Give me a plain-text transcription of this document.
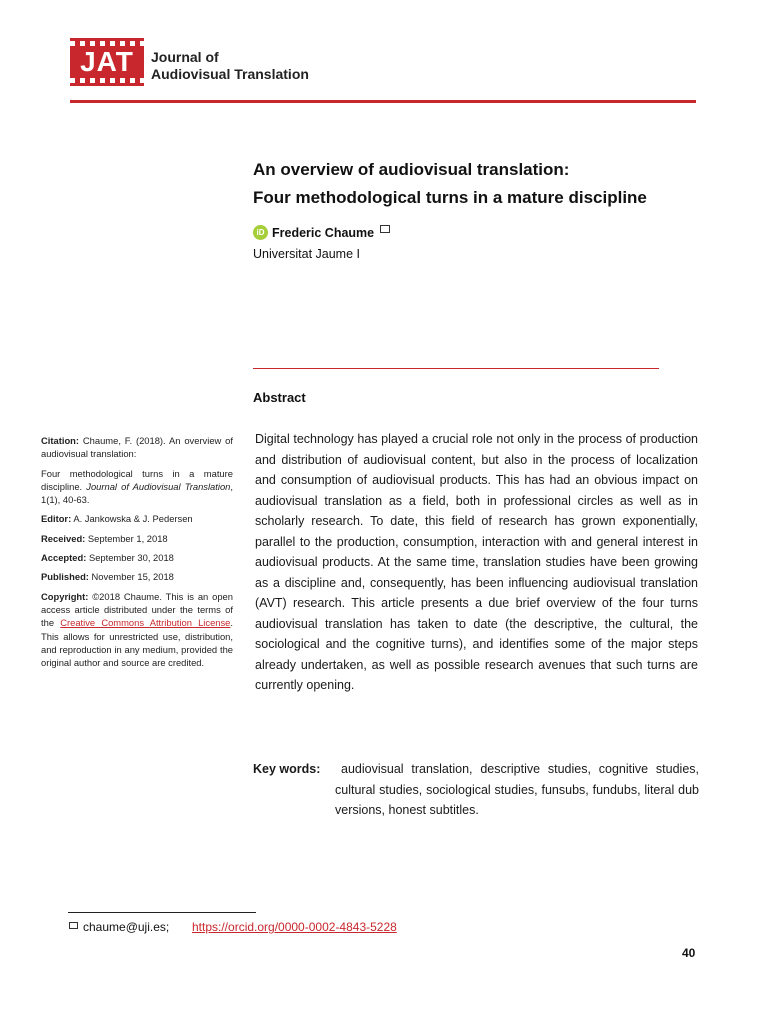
JAT	Journal of
Audiovisual Translation
An overview of audiovisual translation:
Four methodological turns in a mature discipline
iD Frederic Chaume
Universitat Jaume I
Abstract
Digital technology has played a crucial role not only in the process of production and distribution of audiovisual content, but also in the process of localization and consumption of audiovisual products. This has had an obvious impact on audiovisual translation as a field, both in professional circles as well as in scholarly research. To date, this field of research has grown exponentially, parallel to the production, consumption, interaction with and general interest in audiovisual products. At the same time, translation studies have been growing as a discipline and, consequently, has been influencing audiovisual translation (AVT) research. This article presents a due brief overview of the four turns audiovisual translation has taken to date (the descriptive, the cultural, the sociological and the cognitive turns), and identifies some of the major steps already undertaken, as well as possible research avenues that such turns are currently opening.
Key words:	audiovisual translation, descriptive studies, cognitive studies, cultural studies, sociological studies, funsubs, fundubs, literal dub versions, honest subtitles.

Citation: Chaume, F. (2018). An overview of audiovisual translation:

Four methodological turns in a mature discipline. Journal of Audiovisual Translation, 1(1), 40-63.

Editor: A. Jankowska & J. Pedersen

Received: September 1, 2018

Accepted: September 30, 2018

Published: November 15, 2018

Copyright: ©2018 Chaume. This is an open access article distributed under the terms of the Creative Commons Attribution License. This allows for unrestricted use, distribution, and reproduction in any medium, provided the original author and source are credited.

chaume@uji.es; https://orcid.org/0000-0002-4843-5228
40
